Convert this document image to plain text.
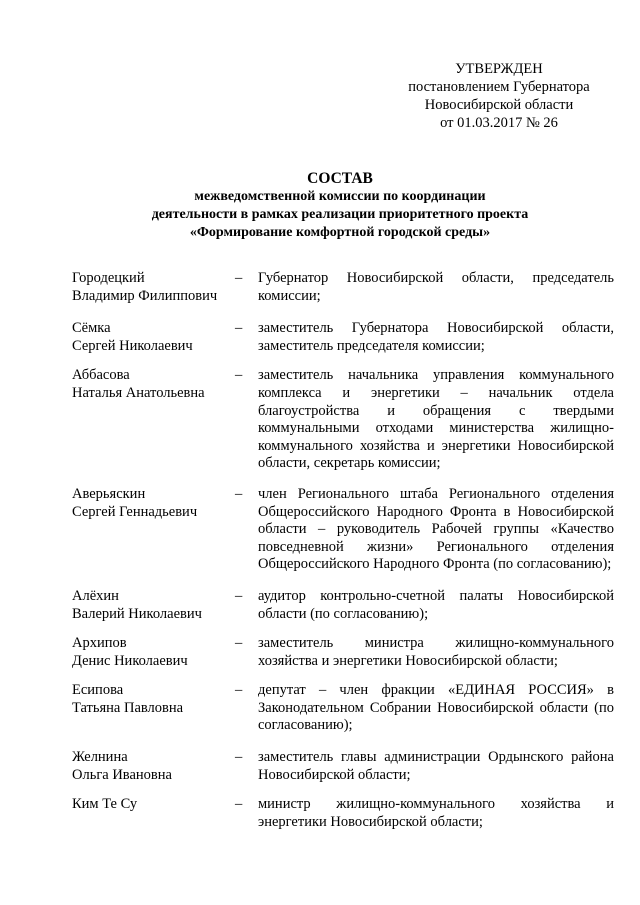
УТВЕРЖДЕН
постановлением Губернатора
Новосибирской области
от 01.03.2017 № 26
СОСТАВ
межведомственной комиссии по координации
деятельности в рамках реализации приоритетного проекта
«Формирование комфортной городской среды»
Городецкий
Владимир Филиппович
–	Губернатор Новосибирской области, председатель комиссии;
Сёмка
Сергей Николаевич
–	заместитель Губернатора Новосибирской области, заместитель председателя комиссии;
Аббасова
Наталья Анатольевна
–	заместитель начальника управления коммунального комплекса и энергетики – начальник отдела благоустройства и обращения с твердыми коммунальными отходами министерства жилищно-коммунального хозяйства и энергетики Новосибирской области, секретарь комиссии;
Аверьяскин
Сергей Геннадьевич
–	член Регионального штаба Регионального отделения Общероссийского Народного Фронта в Новосибирской области – руководитель Рабочей группы «Качество повседневной жизни» Регионального отделения Общероссийского Народного Фронта (по согласованию);
Алёхин
Валерий Николаевич
–	аудитор контрольно-счетной палаты Новосибирской области (по согласованию);
Архипов
Денис Николаевич
–	заместитель министра жилищно-коммунального хозяйства и энергетики Новосибирской области;
Есипова
Татьяна Павловна
–	депутат – член фракции «ЕДИНАЯ РОССИЯ» в Законодательном Собрании Новосибирской области (по согласованию);
Желнина
Ольга Ивановна
–	заместитель главы администрации Ордынского района Новосибирской области;
Ким Те Су	–	министр жилищно-коммунального хозяйства и энергетики Новосибирской области;
